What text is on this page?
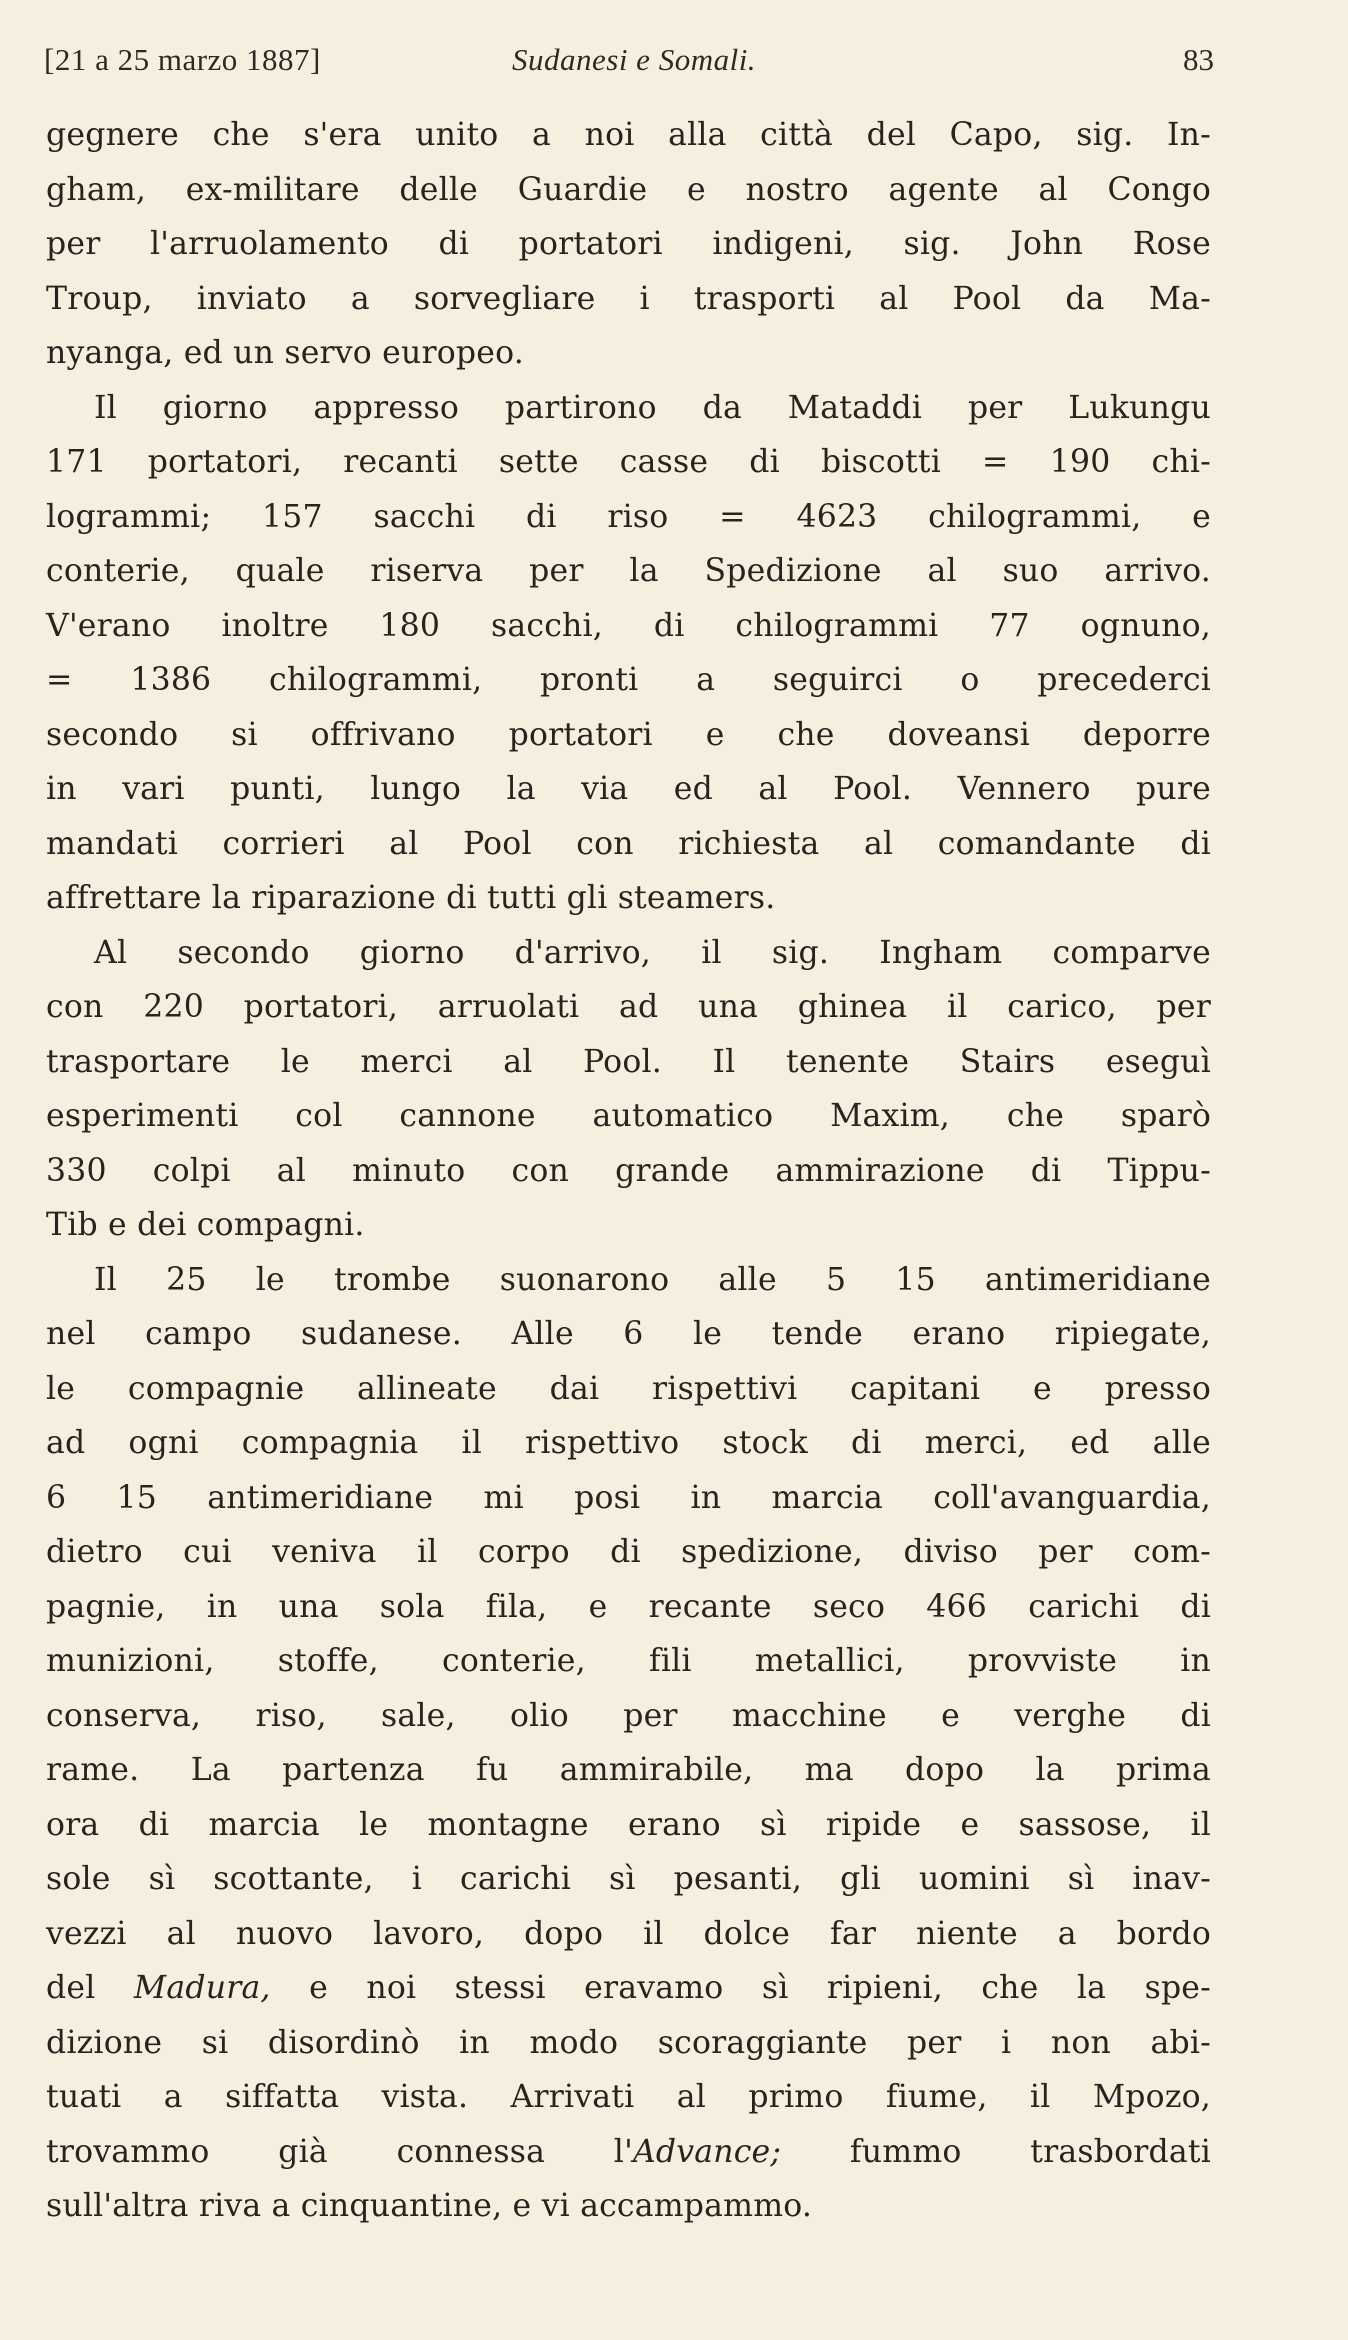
[21 a 25 marzo 1887]	Sudanesi e Somali.	83
gegnere che s'era unito a noi alla città del Capo, sig. In-
gham, ex-militare delle Guardie e nostro agente al Congo
per l'arruolamento di portatori indigeni, sig. John Rose
Troup, inviato a sorvegliare i trasporti al Pool da Ma-
nyanga, ed un servo europeo.
Il giorno appresso partirono da Mataddi per Lukungu
171 portatori, recanti sette casse di biscotti = 190 chi-
logrammi; 157 sacchi di riso = 4623 chilogrammi, e
conterie, quale riserva per la Spedizione al suo arrivo.
V'erano inoltre 180 sacchi, di chilogrammi 77 ognuno,
= 1386 chilogrammi, pronti a seguirci o precederci
secondo si offrivano portatori e che doveansi deporre
in vari punti, lungo la via ed al Pool. Vennero pure
mandati corrieri al Pool con richiesta al comandante di
affrettare la riparazione di tutti gli steamers.
Al secondo giorno d'arrivo, il sig. Ingham comparve
con 220 portatori, arruolati ad una ghinea il carico, per
trasportare le merci al Pool. Il tenente Stairs eseguì
esperimenti col cannone automatico Maxim, che sparò
330 colpi al minuto con grande ammirazione di Tippu-
Tib e dei compagni.
Il 25 le trombe suonarono alle 5 15 antimeridiane
nel campo sudanese. Alle 6 le tende erano ripiegate,
le compagnie allineate dai rispettivi capitani e presso
ad ogni compagnia il rispettivo stock di merci, ed alle
6 15 antimeridiane mi posi in marcia coll'avanguardia,
dietro cui veniva il corpo di spedizione, diviso per com-
pagnie, in una sola fila, e recante seco 466 carichi di
munizioni, stoffe, conterie, fili metallici, provviste in
conserva, riso, sale, olio per macchine e verghe di
rame. La partenza fu ammirabile, ma dopo la prima
ora di marcia le montagne erano sì ripide e sassose, il
sole sì scottante, i carichi sì pesanti, gli uomini sì inav-
vezzi al nuovo lavoro, dopo il dolce far niente a bordo
del Madura, e noi stessi eravamo sì ripieni, che la spe-
dizione si disordinò in modo scoraggiante per i non abi-
tuati a siffatta vista. Arrivati al primo fiume, il Mpozo,
trovammo già connessa l'Advance; fummo trasbordati
sull'altra riva a cinquantine, e vi accampammo.
